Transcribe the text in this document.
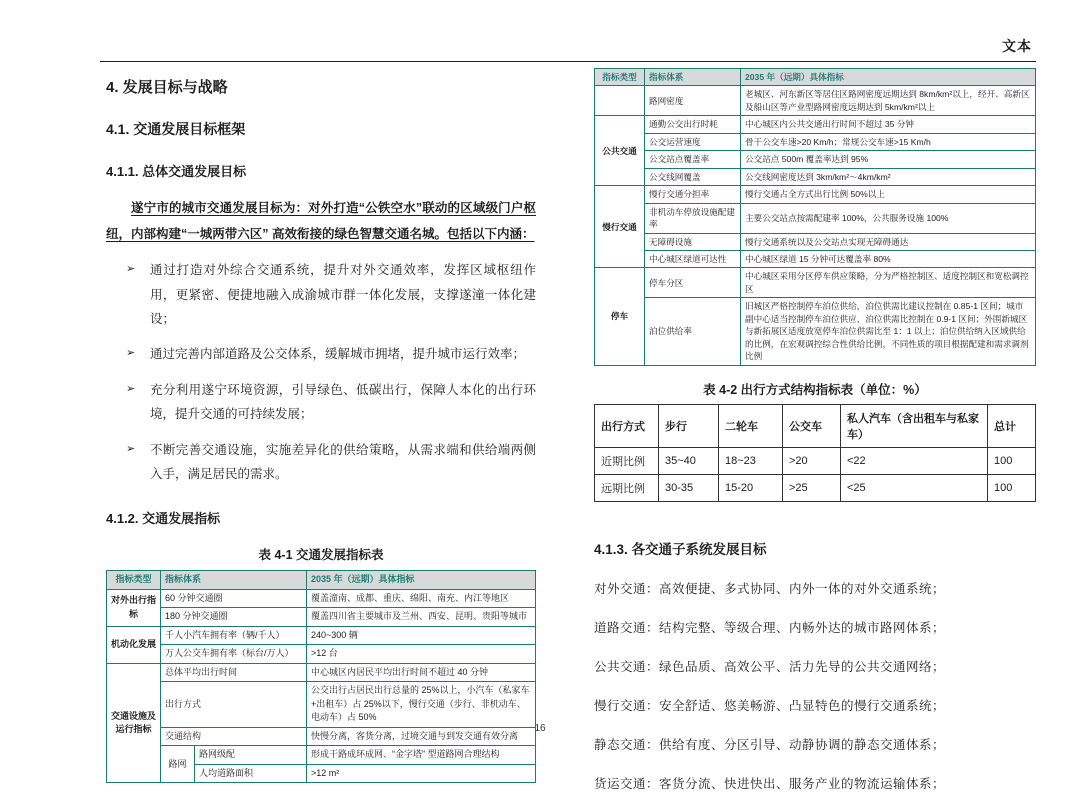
文本
4. 发展目标与战略
4.1. 交通发展目标框架
4.1.1. 总体交通发展目标

遂宁市的城市交通发展目标为：对外打造“公铁空水”联动的区域级门户枢纽，内部构建“一城两带六区” 高效衔接的绿色智慧交通名城。包括以下内涵：

➢ 通过打造对外综合交通系统，提升对外交通效率，发挥区域枢纽作用，更紧密、便捷地融入成渝城市群一体化发展，支撑遂潼一体化建设；
➢ 通过完善内部道路及公交体系，缓解城市拥堵，提升城市运行效率；
➢ 充分利用遂宁环境资源，引导绿色、低碳出行，保障人本化的出行环境，提升交通的可持续发展；
➢ 不断完善交通设施，实施差异化的供给策略，从需求端和供给端两侧入手，满足居民的需求。
4.1.2. 交通发展指标
表 4-1 交通发展指标表
指标类型	指标体系		2035 年（远期）具体指标
对外出行指标	60 分钟交通圈		覆盖潼南、成都、重庆、绵阳、南充、内江等地区
	180 分钟交通圈		覆盖四川省主要城市及兰州、西安、昆明、贵阳等城市
机动化发展	千人小汽车拥有率（辆/千人）		240~300 辆
	万人公交车拥有率（标台/万人）		>12 台
交通设施及运行指标	总体平均出行时间		中心城区内居民平均出行时间不超过 40 分钟
	出行方式		公交出行占居民出行总量的 25%以上，小汽车（私家车+出租车）占 25%以下，慢行交通（步行、非机动车、电动车）占 50%
	交通结构		快慢分离，客货分离，过境交通与到发交通有效分离
	路网	路网级配	形成干路成环成网、“金字塔” 型道路网合理结构
		人均道路面积	>12 m²
指标类型	指标体系	2035 年（远期）具体指标
	路网密度	老城区、河东新区等居住区路网密度远期达到 8km/km²以上，经开、高新区及船山区等产业型路网密度远期达到 5km/km²以上
公共交通	通勤公交出行时耗	中心城区内公共交通出行时间不超过 35 分钟
	公交运营速度	骨干公交车速>20 Km/h；常规公交车速>15 Km/h
	公交站点覆盖率	公交站点 500m 覆盖率达到 95%
	公交线网覆盖	公交线网密度达到 3km/km²～4km/km²
慢行交通	慢行交通分担率	慢行交通占全方式出行比例 50%以上
	非机动车停放设施配建率	主要公交站点按需配建率 100%，公共服务设施 100%
	无障碍设施	慢行交通系统以及公交站点实现无障碍通达
	中心城区绿道可达性	中心城区绿道 15 分钟可达覆盖率 80%
停车	停车分区	中心城区采用分区停车供应策略，分为严格控制区、适度控制区和宽松调控区
	泊位供给率	旧城区严格控制停车泊位供给，泊位供需比建议控制在 0.85-1 区间；城市副中心适当控制停车泊位供应，泊位供需比控制在 0.9-1 区间；外围新城区与新拓展区适度放宽停车泊位供需比至 1：1 以上；泊位供给纳入区域供给的比例，在宏观调控综合性供给比例，不同性质的项目根据配建和需求调剂比例
表 4-2 出行方式结构指标表（单位：%）
出行方式	步行	二轮车	公交车	私人汽车（含出租车与私家车）	总计
近期比例	35~40	18~23	>20	<22	100
远期比例	30-35	15-20	>25	<25	100
4.1.3. 各交通子系统发展目标

对外交通：高效便捷、多式协同、内外一体的对外交通系统；

道路交通：结构完整、等级合理、内畅外达的城市路网体系；

公共交通：绿色品质、高效公平、活力先导的公共交通网络；

慢行交通：安全舒适、悠美畅游、凸显特色的慢行交通系统；

静态交通：供给有度、分区引导、动静协调的静态交通体系；

货运交通：客货分流、快进快出、服务产业的物流运输体系；

16
